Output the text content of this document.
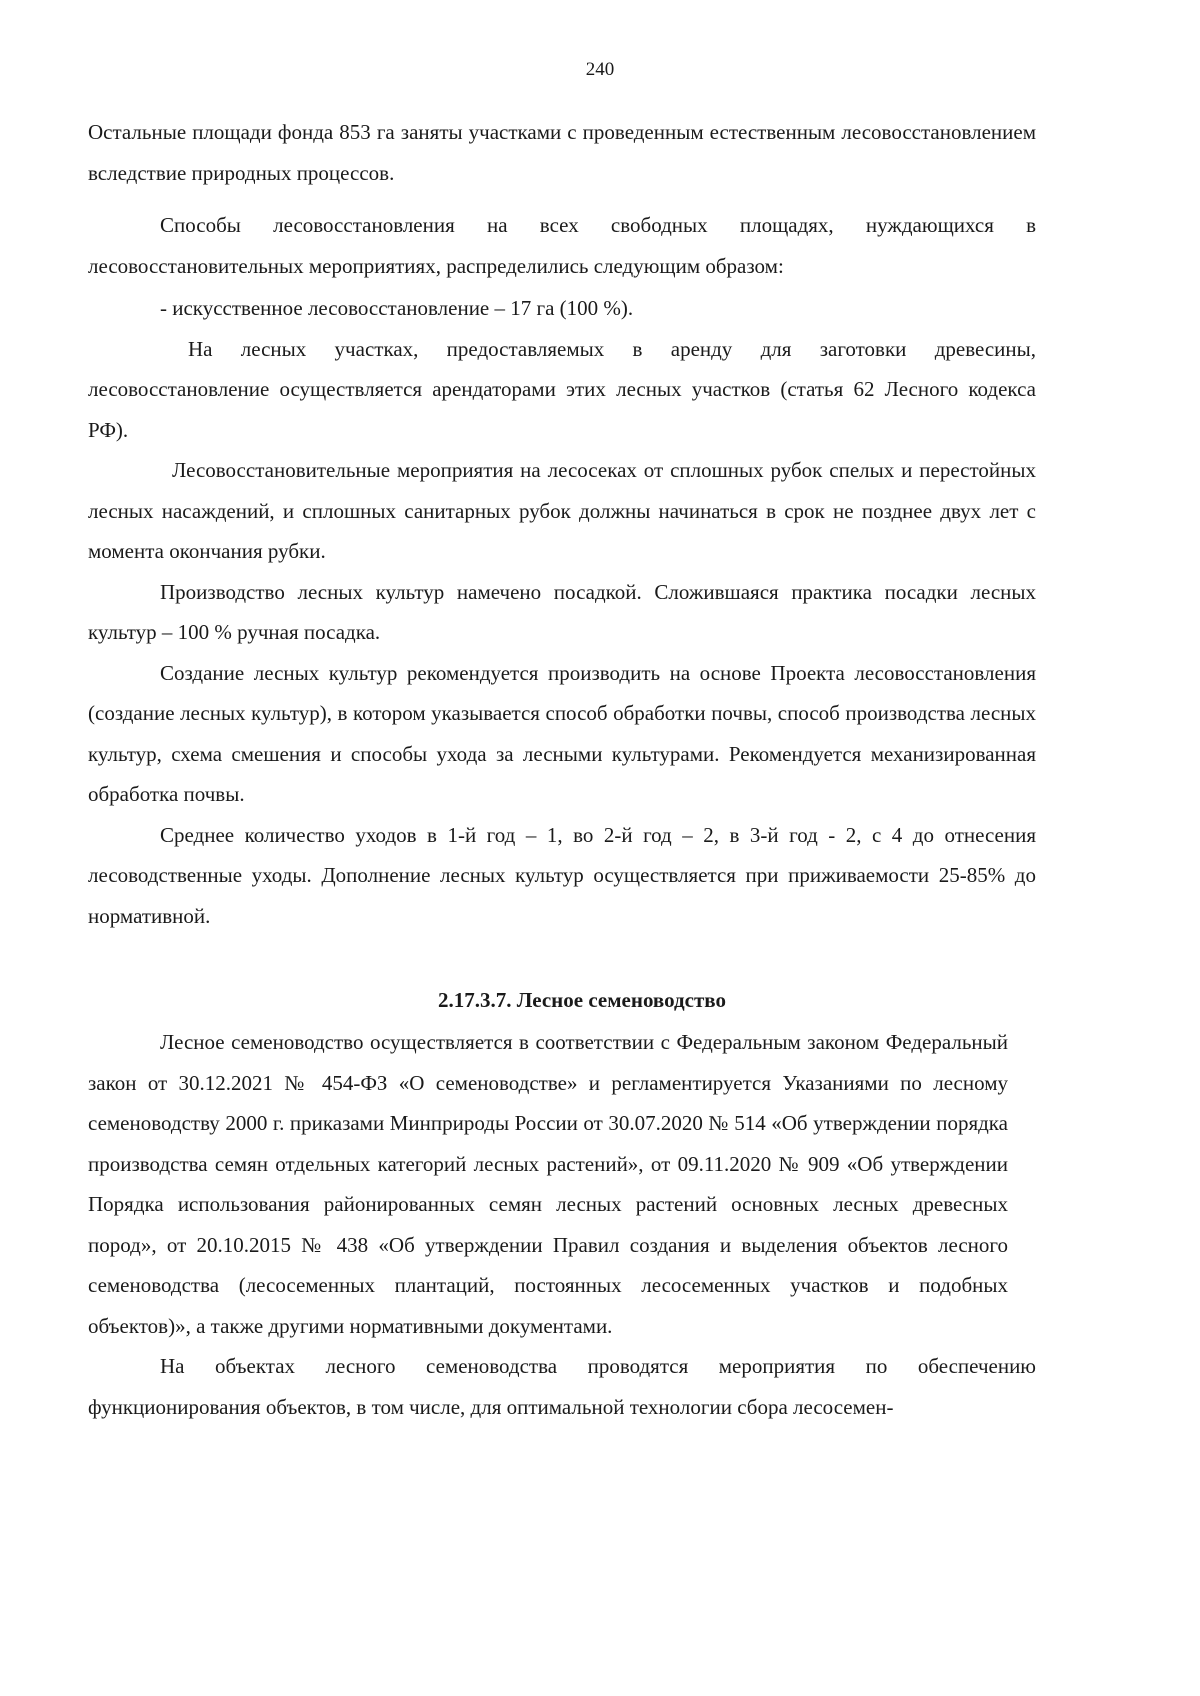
240

Остальные площади фонда 853 га заняты участками с проведенным естественным лесовосстановлением вследствие природных процессов.

Способы лесовосстановления на всех свободных площадях, нуждающихся в лесовосстановительных мероприятиях, распределились следующим образом:

- искусственное лесовосстановление – 17 га (100 %).

На лесных участках, предоставляемых в аренду для заготовки древесины, лесовосстановление осуществляется арендаторами этих лесных участков (статья 62 Лесного кодекса РФ).

Лесовосстановительные мероприятия на лесосеках от сплошных рубок спелых и перестойных лесных насаждений, и сплошных санитарных рубок должны начинаться в срок не позднее двух лет с момента окончания рубки.

Производство лесных культур намечено посадкой. Сложившаяся практика посадки лесных культур – 100 % ручная посадка.

Создание лесных культур рекомендуется производить на основе Проекта лесовосстановления (создание лесных культур), в котором указывается способ обработки почвы, способ производства лесных культур, схема смешения и способы ухода за лесными культурами. Рекомендуется механизированная обработка почвы.

Среднее количество уходов в 1-й год – 1, во 2-й год – 2, в 3-й год - 2, с 4 до отнесения лесоводственные уходы. Дополнение лесных культур осуществляется при приживаемости 25-85% до нормативной.

2.17.3.7. Лесное семеноводство

Лесное семеноводство осуществляется в соответствии с Федеральным законом Федеральный закон от 30.12.2021 № 454-ФЗ «О семеноводстве» и регламентируется Указаниями по лесному семеноводству 2000 г. приказами Минприроды России от 30.07.2020 № 514 «Об утверждении порядка производства семян отдельных категорий лесных растений», от 09.11.2020 № 909 «Об утверждении Порядка использования районированных семян лесных растений основных лесных древесных пород», от 20.10.2015 № 438 «Об утверждении Правил создания и выделения объектов лесного семеноводства (лесосеменных плантаций, постоянных лесосеменных участков и подобных объектов)», а также другими нормативными документами.

На объектах лесного семеноводства проводятся мероприятия по обеспечению функционирования объектов, в том числе, для оптимальной технологии сбора лесосемен-
